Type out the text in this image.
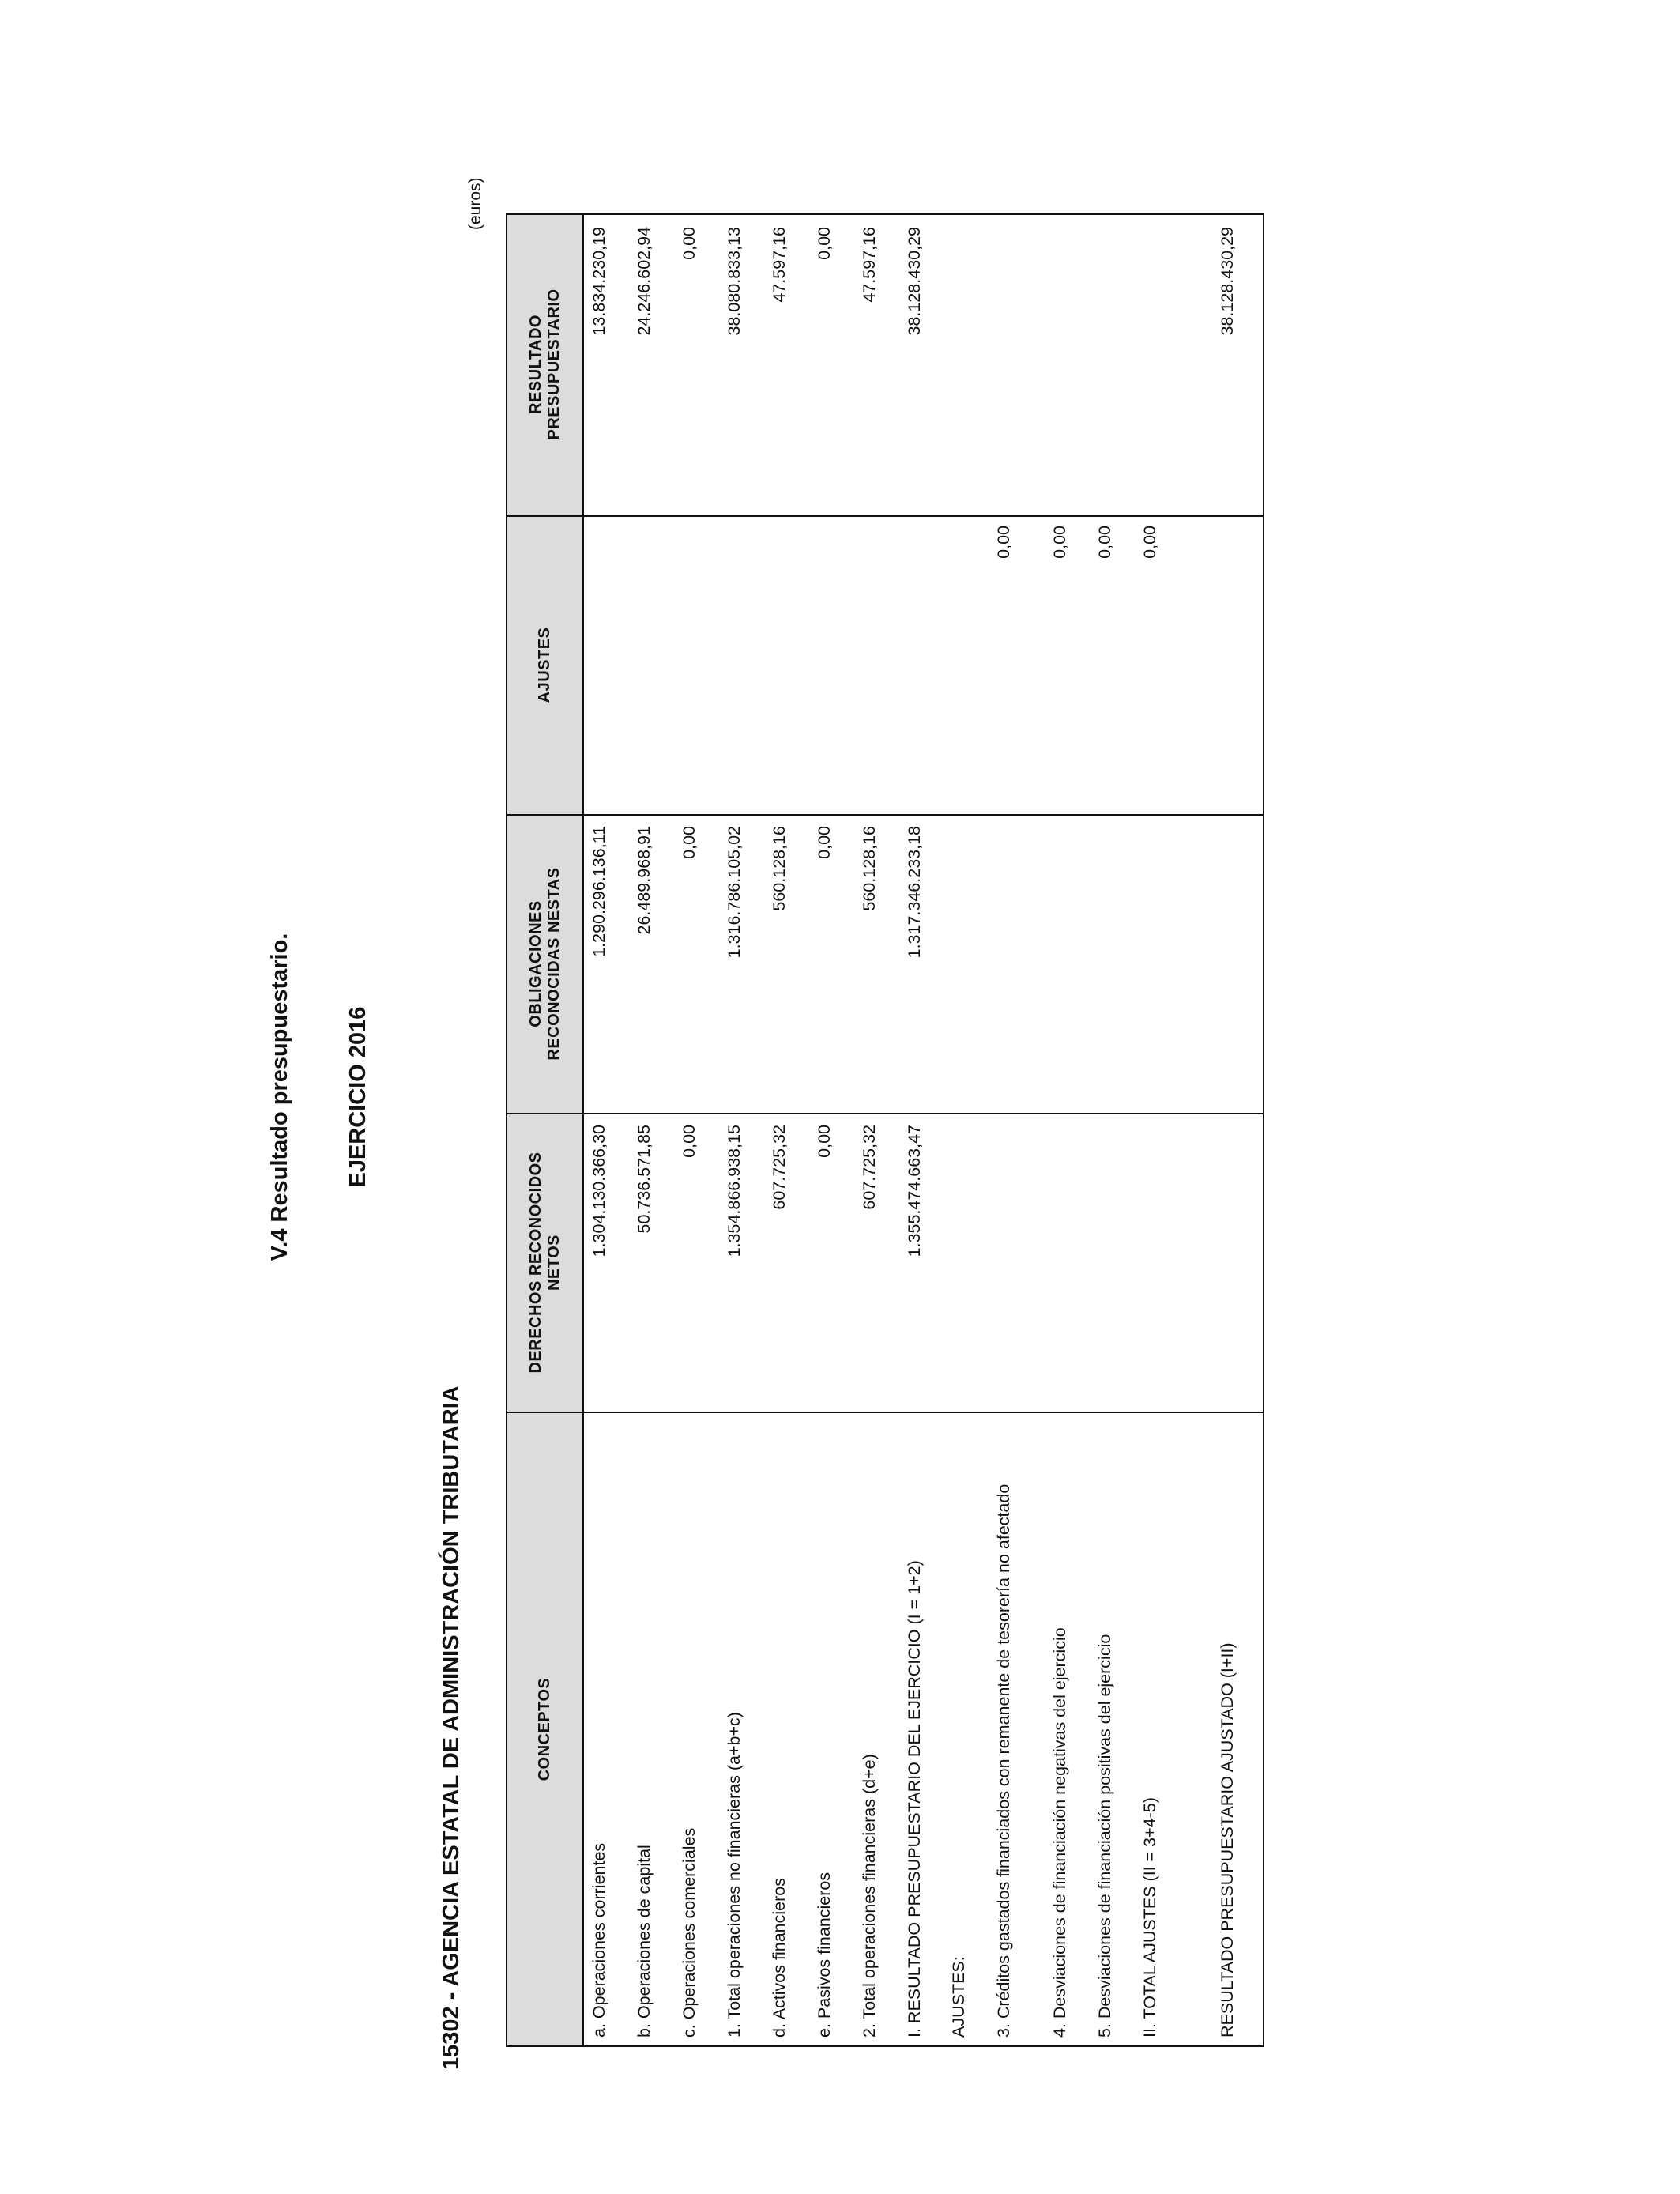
V.4 Resultado presupuestario. EJERCICIO 2016
15302 - AGENCIA ESTATAL DE ADMINISTRACIÓN TRIBUTARIA
(euros)
CONCEPTOS
DERECHOS RECONOCIDOS NETOS
OBLIGACIONES RECONOCIDAS NESTAS
AJUSTES
RESULTADO PRESUPUESTARIO
a. Operaciones corrientes
1.304.130.366,30
1.290.296.136,11
13.834.230,19
b. Operaciones de capital
50.736.571,85
26.489.968,91
24.246.602,94
c. Operaciones comerciales
0,00
0,00
0,00
1. Total operaciones no financieras (a+b+c)
1.354.866.938,15
1.316.786.105,02
38.080.833,13
d. Activos financieros
607.725,32
560.128,16
47.597,16
e. Pasivos financieros
0,00
0,00
0,00
2. Total operaciones financieras (d+e)
607.725,32
560.128,16
47.597,16
I. RESULTADO PRESUPUESTARIO DEL EJERCICIO (I = 1+2)
1.355.474.663,47
1.317.346.233,18
38.128.430,29
AJUSTES: 3. Créditos gastados financiados con remanente de tesorería no afectado
0,00
4. Desviaciones de financiación negativas del ejercicio
0,00
5. Desviaciones de financiación positivas del ejercicio
0,00
II. TOTAL AJUSTES (II = 3+4-5)
0,00
RESULTADO PRESUPUESTARIO AJUSTADO (I+II)
38.128.430,29
